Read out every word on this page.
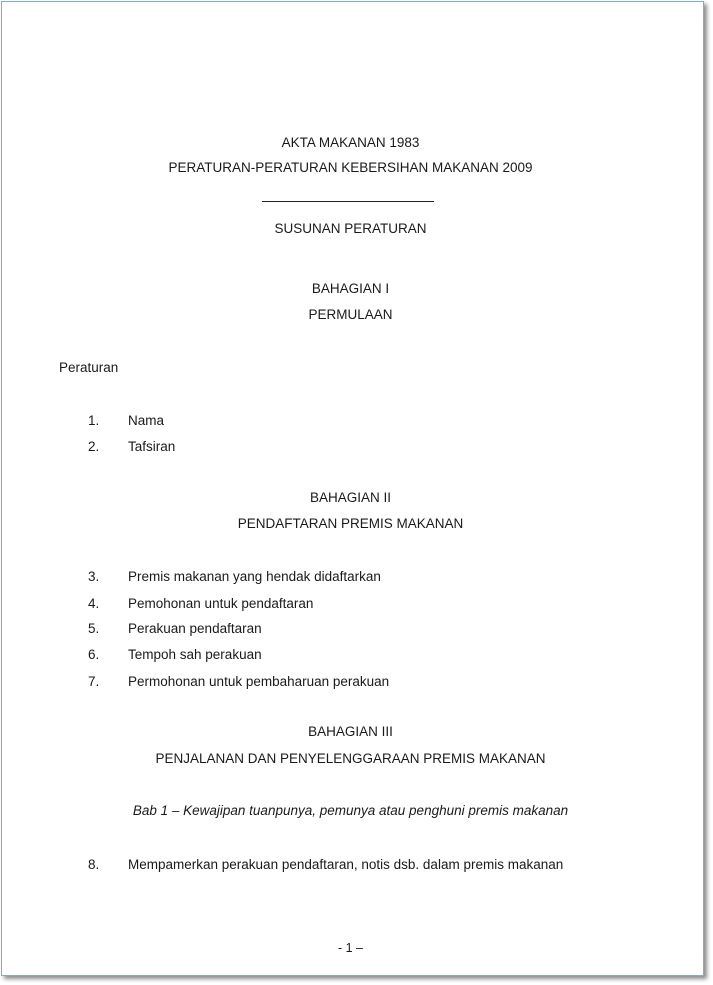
AKTA MAKANAN 1983
PERATURAN-PERATURAN KEBERSIHAN MAKANAN 2009
SUSUNAN PERATURAN
BAHAGIAN I
PERMULAAN
Peraturan
1. Nama
2. Tafsiran
BAHAGIAN II
PENDAFTARAN PREMIS MAKANAN
3. Premis makanan yang hendak didaftarkan
4. Pemohonan untuk pendaftaran
5. Perakuan pendaftaran
6. Tempoh sah perakuan
7. Permohonan untuk pembaharuan perakuan
BAHAGIAN III
PENJALANAN DAN PENYELENGGARAAN PREMIS MAKANAN
Bab 1 – Kewajipan tuanpunya, pemunya atau penghuni premis makanan
8. Mempamerkan perakuan pendaftaran, notis dsb. dalam premis makanan
- 1 –
